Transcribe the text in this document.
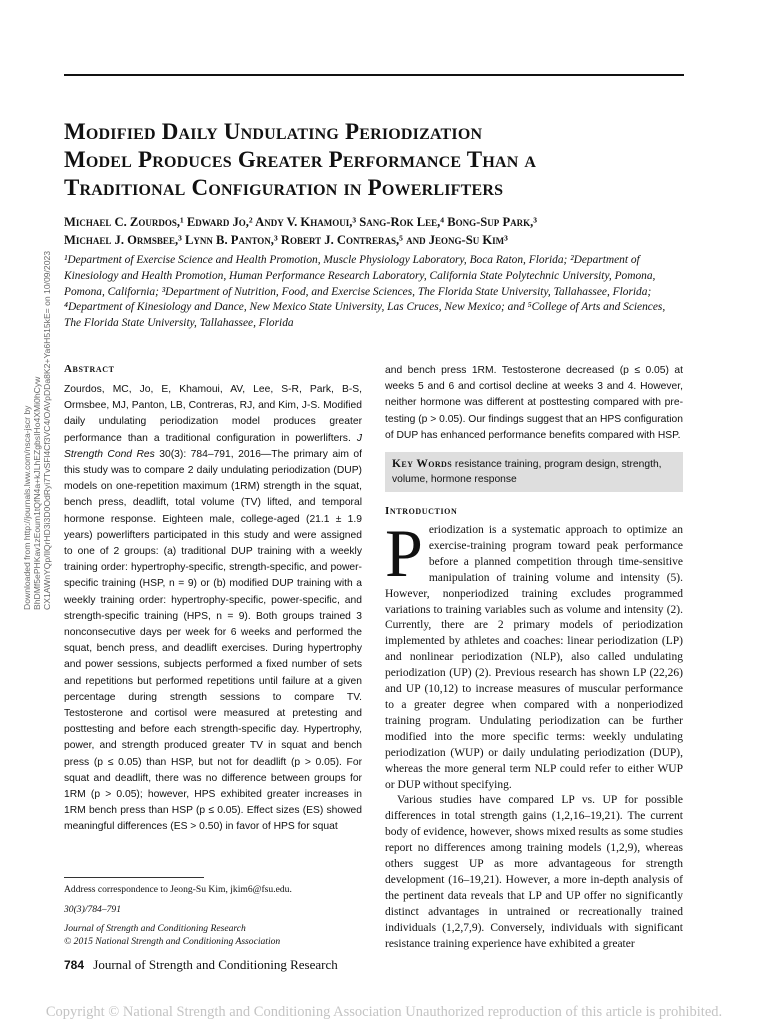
Downloaded from http://journals.lww.com/nsca-jscr by BhDMf5ePHKav1zEoum1tQfN4a+kJLhEZgbsIHo4XMi0hCyw CX1AWnYQp/IlQrHD3i3D0OdRyi7TvSFl4Cf3VC4/OAVpDDa8K2+Ya6H515kE= on 10/09/2023
Modified Daily Undulating Periodization
Model Produces Greater Performance Than a
Traditional Configuration in Powerlifters
Michael C. Zourdos,¹ Edward Jo,² Andy V. Khamoui,³ Sang-Rok Lee,⁴ Bong-Sup Park,³
Michael J. Ormsbee,³ Lynn B. Panton,³ Robert J. Contreras,⁵ and Jeong-Su Kim³
¹Department of Exercise Science and Health Promotion, Muscle Physiology Laboratory, Boca Raton, Florida; ²Department of Kinesiology and Health Promotion, Human Performance Research Laboratory, California State Polytechnic University, Pomona, Pomona, California; ³Department of Nutrition, Food, and Exercise Sciences, The Florida State University, Tallahassee, Florida; ⁴Department of Kinesiology and Dance, New Mexico State University, Las Cruces, New Mexico; and ⁵College of Arts and Sciences, The Florida State University, Tallahassee, Florida
Abstract
Zourdos, MC, Jo, E, Khamoui, AV, Lee, S-R, Park, B-S, Ormsbee, MJ, Panton, LB, Contreras, RJ, and Kim, J-S. Modified daily undulating periodization model produces greater performance than a traditional configuration in powerlifters. J Strength Cond Res 30(3): 784–791, 2016—The primary aim of this study was to compare 2 daily undulating periodization (DUP) models on one-repetition maximum (1RM) strength in the squat, bench press, deadlift, total volume (TV) lifted, and temporal hormone response. Eighteen male, college-aged (21.1 ± 1.9 years) powerlifters participated in this study and were assigned to one of 2 groups: (a) traditional DUP training with a weekly training order: hypertrophy-specific, strength-specific, and power-specific training (HSP, n = 9) or (b) modified DUP training with a weekly training order: hypertrophy-specific, power-specific, and strength-specific training (HPS, n = 9). Both groups trained 3 nonconsecutive days per week for 6 weeks and performed the squat, bench press, and deadlift exercises. During hypertrophy and power sessions, subjects performed a fixed number of sets and repetitions but performed repetitions until failure at a given percentage during strength sessions to compare TV. Testosterone and cortisol were measured at pretesting and posttesting and before each strength-specific day. Hypertrophy, power, and strength produced greater TV in squat and bench press (p ≤ 0.05) than HSP, but not for deadlift (p > 0.05). For squat and deadlift, there was no difference between groups for 1RM (p > 0.05); however, HPS exhibited greater increases in 1RM bench press than HSP (p ≤ 0.05). Effect sizes (ES) showed meaningful differences (ES > 0.50) in favor of HPS for squat
and bench press 1RM. Testosterone decreased (p ≤ 0.05) at weeks 5 and 6 and cortisol decline at weeks 3 and 4. However, neither hormone was different at posttesting compared with pre-testing (p > 0.05). Our findings suggest that an HPS configuration of DUP has enhanced performance benefits compared with HSP.
Key Words resistance training, program design, strength, volume, hormone response
Introduction

Periodization is a systematic approach to optimize an exercise-training program toward peak performance before a planned competition through time-sensitive manipulation of training volume and intensity (5). However, nonperiodized training excludes programmed variations to training variables such as volume and intensity (2). Currently, there are 2 primary models of periodization implemented by athletes and coaches: linear periodization (LP) and nonlinear periodization (NLP), also called undulating periodization (UP) (2). Previous research has shown LP (22,26) and UP (10,12) to increase measures of muscular performance to a greater degree when compared with a nonperiodized training program. Undulating periodization can be further modified into the more specific terms: weekly undulating periodization (WUP) or daily undulating periodization (DUP), whereas the more general term NLP could refer to either WUP or DUP without specifying.

Various studies have compared LP vs. UP for possible differences in total strength gains (1,2,16–19,21). The current body of evidence, however, shows mixed results as some studies report no differences among training models (1,2,9), whereas others suggest UP as more advantageous for strength development (16–19,21). However, a more in-depth analysis of the pertinent data reveals that LP and UP offer no significantly distinct advantages in untrained or recreationally trained individuals (1,2,7,9). Conversely, individuals with significant resistance training experience have exhibited a greater

Address correspondence to Jeong-Su Kim, jkim6@fsu.edu.
30(3)/784–791
Journal of Strength and Conditioning Research
© 2015 National Strength and Conditioning Association
784 Journal of Strength and Conditioning Research
Copyright © National Strength and Conditioning Association Unauthorized reproduction of this article is prohibited.
